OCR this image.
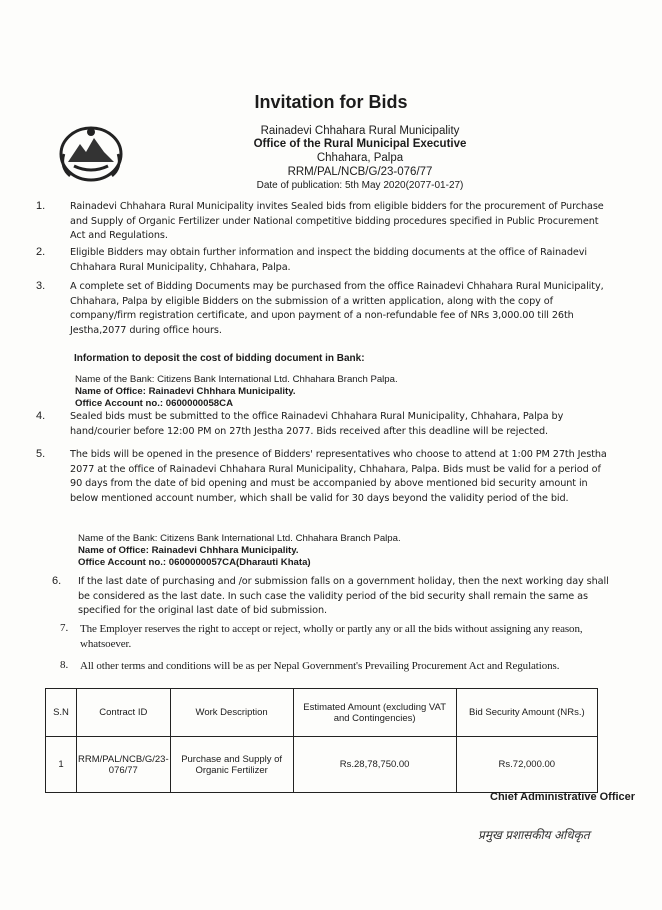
Invitation for Bids
Rainadevi Chhahara Rural Municipality
Office of the Rural Municipal Executive
Chhahara, Palpa
RRM/PAL/NCB/G/23-076/77
Date of publication: 5th May 2020(2077-01-27)
1.	Rainadevi Chhahara Rural Municipality invites Sealed bids from eligible bidders for the procurement of Purchase and Supply of Organic Fertilizer under National competitive bidding procedures specified in Public Procurement Act and Regulations.
2.	Eligible Bidders may obtain further information and inspect the bidding documents at the office of Rainadevi Chhahara Rural Municipality, Chhahara, Palpa.
3.	A complete set of Bidding Documents may be purchased from the office Rainadevi Chhahara Rural Municipality, Chhahara, Palpa by eligible Bidders on the submission of a written application, along with the copy of company/firm registration certificate, and upon payment of a non-refundable fee of NRs 3,000.00 till 26th Jestha,2077 during office hours.
Information to deposit the cost of bidding document in Bank:
Name of the Bank: Citizens Bank International Ltd. Chhahara Branch Palpa.
Name of Office: Rainadevi Chhhara Municipality.
Office Account no.: 0600000058CA
4.	Sealed bids must be submitted to the office Rainadevi Chhahara Rural Municipality, Chhahara, Palpa by hand/courier before 12:00 PM on 27th Jestha 2077. Bids received after this deadline will be rejected.
5.	The bids will be opened in the presence of Bidders' representatives who choose to attend at 1:00 PM 27th Jestha 2077 at the office of Rainadevi Chhahara Rural Municipality, Chhahara, Palpa. Bids must be valid for a period of 90 days from the date of bid opening and must be accompanied by above mentioned bid security amount in below mentioned account number, which shall be valid for 30 days beyond the validity period of the bid.
Name of the Bank: Citizens Bank International Ltd. Chhahara Branch Palpa.
Name of Office: Rainadevi Chhhara Municipality.
Office Account no.: 0600000057CA(Dharauti Khata)
6. If the last date of purchasing and /or submission falls on a government holiday, then the next working day shall be considered as the last date. In such case the validity period of the bid security shall remain the same as specified for the original last date of bid submission.
7. The Employer reserves the right to accept or reject, wholly or partly any or all the bids without assigning any reason, whatsoever.
8. All other terms and conditions will be as per Nepal Government's Prevailing Procurement Act and Regulations.
S.N	Contract ID	Work Description	Estimated Amount (excluding VAT and Contingencies)	Bid Security Amount (NRs.)
1	RRM/PAL/NCB/G/23-076/77	Purchase and Supply of Organic Fertilizer	Rs.28,78,750.00	Rs.72,000.00
Chief Administrative Officer
प्रमुख प्रशासकीय अधिकृत
